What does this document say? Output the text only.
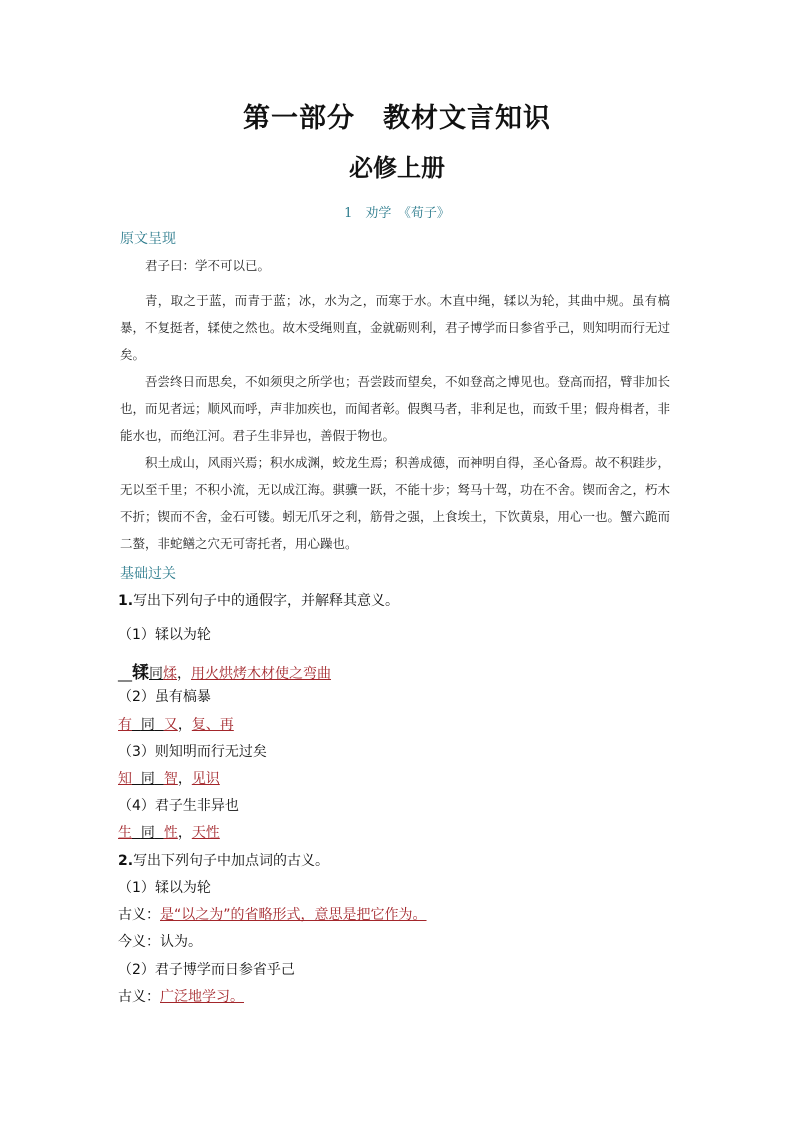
第一部分　教材文言知识
必修上册
1　劝学　《荀子》
原文呈现

君子曰：学不可以已。

青，取之于蓝，而青于蓝；冰，水为之，而寒于水。木直中绳，𫐓以为轮，其曲中规。虽有槁暴，不复挺者，𫐓使之然也。故木受绳则直，金就砺则利，君子博学而日参省乎己，则知明而行无过矣。

吾尝终日而思矣，不如须臾之所学也；吾尝跂而望矣，不如登高之博见也。登高而招，臂非加长也，而见者远；顺风而呼，声非加疾也，而闻者彰。假舆马者，非利足也，而致千里；假舟楫者，非能水也，而绝江河。君子生非异也，善假于物也。

积土成山，风雨兴焉；积水成渊，蛟龙生焉；积善成德，而神明自得，圣心备焉。故不积跬步，无以至千里；不积小流，无以成江海。骐骥一跃，不能十步；驽马十驾，功在不舍。锲而舍之，朽木不折；锲而不舍，金石可镂。蚓无爪牙之利，筋骨之强，上食埃土，下饮黄泉，用心一也。蟹六跪而二螯，非蛇鳝之穴无可寄托者，用心躁也。

基础过关
1.写出下列句子中的通假字，并解释其意义。
（1）𫐓以为轮
__𫐓同煣，用火烘烤木材使之弯曲
（2）虽有槁暴
有 同 又，复、再
（3）则知明而行无过矣
知 同 智，见识
（4）君子生非异也
生 同 性，天性
2.写出下列句子中加点词的古义。
（1）𫐓以为轮
古义：是“以之为”的省略形式，意思是把它作为。
今义：认为。
（2）君子博学而日参省乎己
古义：广泛地学习。
